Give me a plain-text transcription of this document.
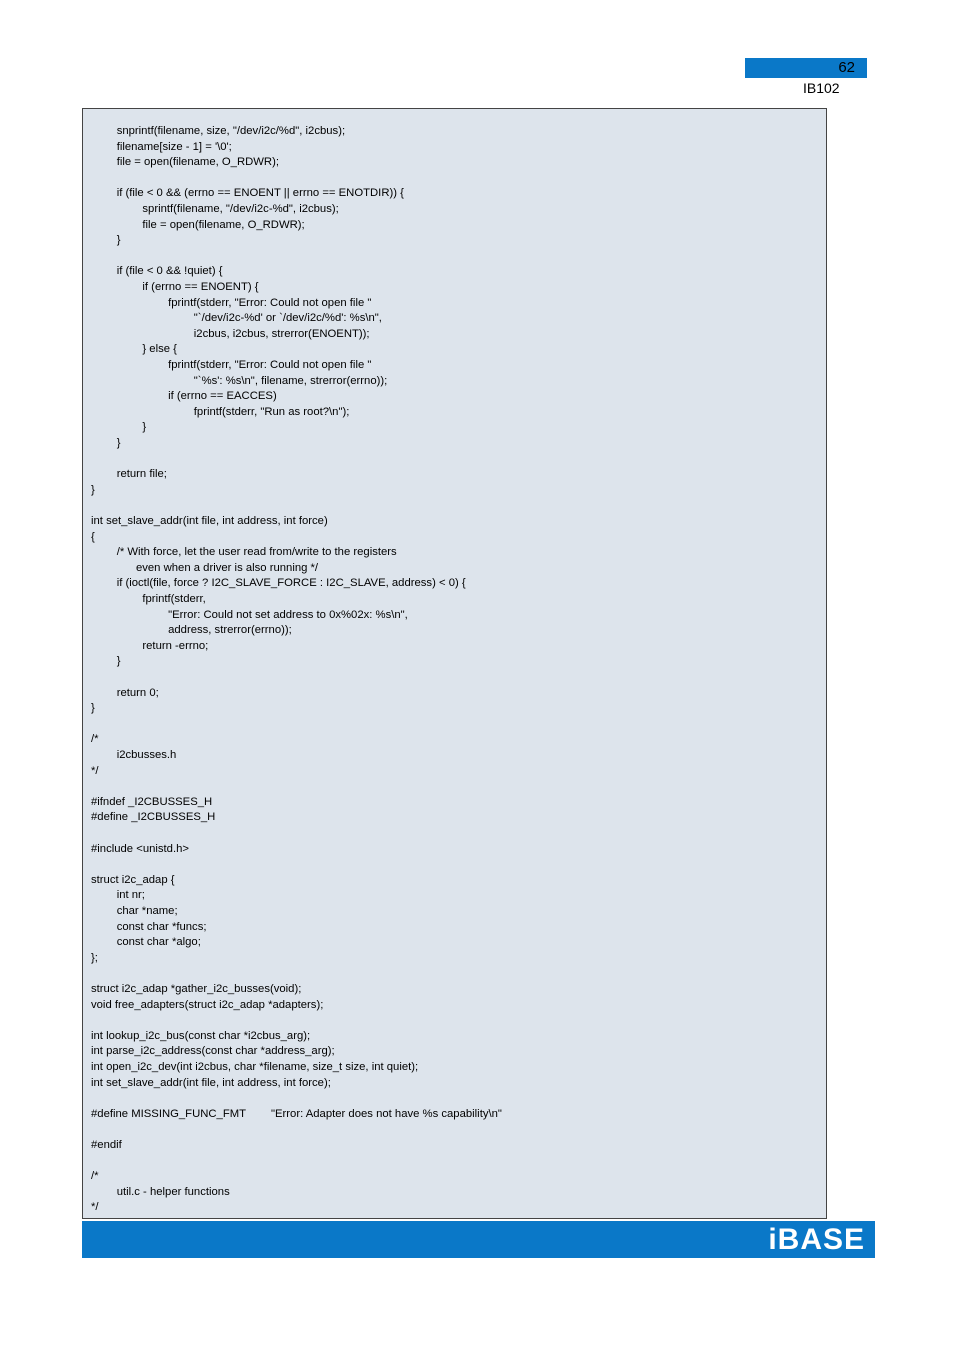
62
IB102
snprintf(filename, size, "/dev/i2c/%d", i2cbus);
filename[size - 1] = '\0';
file = open(filename, O_RDWR);
if (file < 0 && (errno == ENOENT || errno == ENOTDIR)) {
sprintf(filename, "/dev/i2c-%d", i2cbus);
file = open(filename, O_RDWR);
}
if (file < 0 && !quiet) {
if (errno == ENOENT) {
fprintf(stderr, "Error: Could not open file "
"`/dev/i2c-%d' or `/dev/i2c/%d': %s\n",
i2cbus, i2cbus, strerror(ENOENT));
} else {
fprintf(stderr, "Error: Could not open file "
"`%s': %s\n", filename, strerror(errno));
if (errno == EACCES)
fprintf(stderr, "Run as root?\n");
}
}
return file;
}
int set_slave_addr(int file, int address, int force)
{
/* With force, let the user read from/write to the registers
even when a driver is also running */
if (ioctl(file, force ? I2C_SLAVE_FORCE : I2C_SLAVE, address) < 0) {
fprintf(stderr,
"Error: Could not set address to 0x%02x: %s\n",
address, strerror(errno));
return -errno;
}
return 0;
}
/*
i2cbusses.h
*/
#ifndef _I2CBUSSES_H
#define _I2CBUSSES_H
#include <unistd.h>
struct i2c_adap {
int nr;
char *name;
const char *funcs;
const char *algo;
};
struct i2c_adap *gather_i2c_busses(void);
void free_adapters(struct i2c_adap *adapters);
int lookup_i2c_bus(const char *i2cbus_arg);
int parse_i2c_address(const char *address_arg);
int open_i2c_dev(int i2cbus, char *filename, size_t size, int quiet);
int set_slave_addr(int file, int address, int force);
#define MISSING_FUNC_FMT        "Error: Adapter does not have %s capability\n"
#endif
/*
util.c - helper functions
*/
iBASE
